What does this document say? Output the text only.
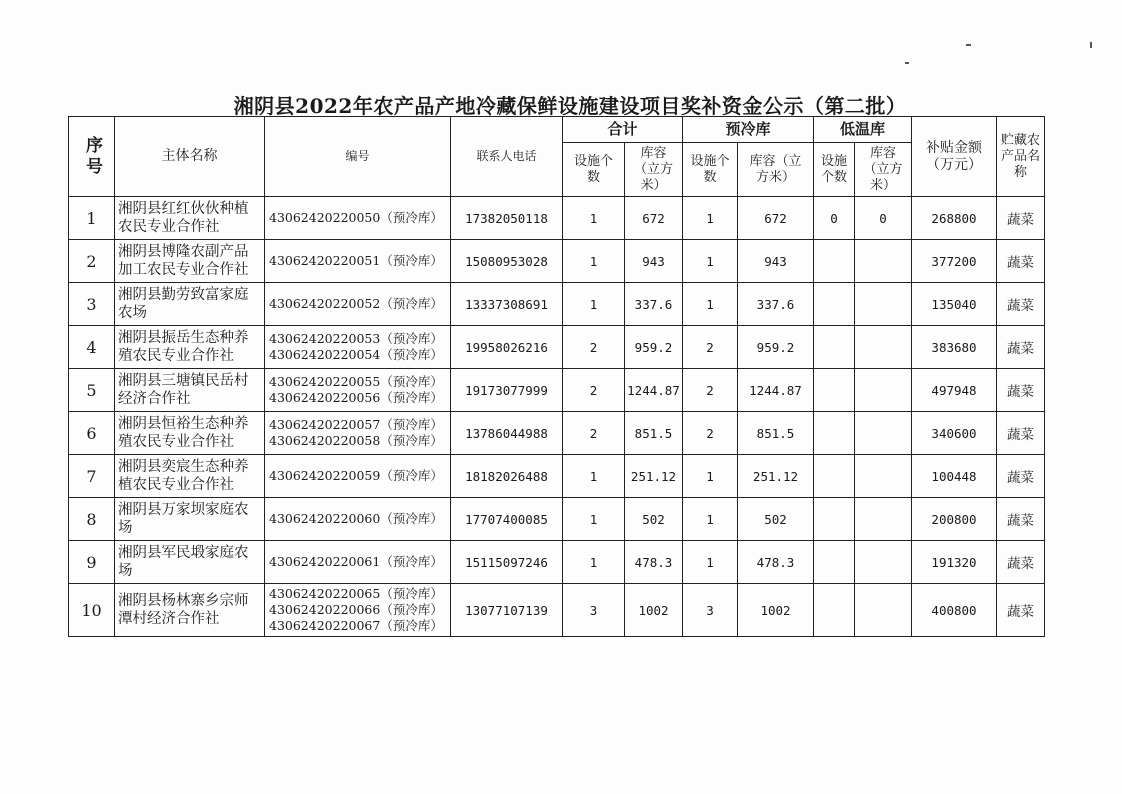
湘阴县2022年农产品产地冷藏保鲜设施建设项目奖补资金公示（第二批）
序号	主体名称	编号	联系人电话	合计		预冷库		低温库		补贴金额（万元）	贮藏农产品名称
				设施个数	库容（立方米）	设施个数	库容（立方米）	设施个数	库容（立方米）		
1	湘阴县红红伙伙种植农民专业合作社	43062420220050（预冷库）	17382050118	1	672	1	672	0	0	268800	蔬菜
2	湘阴县博隆农副产品加工农民专业合作社	43062420220051（预冷库）	15080953028	1	943	1	943			377200	蔬菜
3	湘阴县勤劳致富家庭农场	43062420220052（预冷库）	13337308691	1	337.6	1	337.6			135040	蔬菜
4	湘阴县振岳生态种养殖农民专业合作社	43062420220053（预冷库）
43062420220054（预冷库）	19958026216	2	959.2	2	959.2			383680	蔬菜
5	湘阴县三塘镇民岳村经济合作社	43062420220055（预冷库）
43062420220056（预冷库）	19173077999	2	1244.87	2	1244.87			497948	蔬菜
6	湘阴县恒裕生态种养殖农民专业合作社	43062420220057（预冷库）
43062420220058（预冷库）	13786044988	2	851.5	2	851.5			340600	蔬菜
7	湘阴县奕宸生态种养植农民专业合作社	43062420220059（预冷库）	18182026488	1	251.12	1	251.12			100448	蔬菜
8	湘阴县万家坝家庭农场	43062420220060（预冷库）	17707400085	1	502	1	502			200800	蔬菜
9	湘阴县军民塅家庭农场	43062420220061（预冷库）	15115097246	1	478.3	1	478.3			191320	蔬菜
10	湘阴县杨林寨乡宗师潭村经济合作社	43062420220065（预冷库）
43062420220066（预冷库）
43062420220067（预冷库）	13077107139	3	1002	3	1002			400800	蔬菜
